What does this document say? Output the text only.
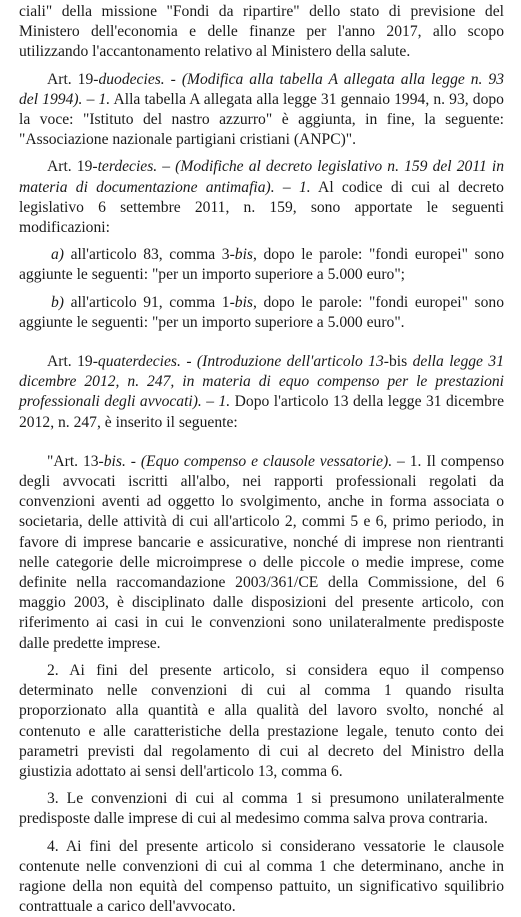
ciali" della missione "Fondi da ripartire" dello stato di previsione del Ministero dell'economia e delle finanze per l'anno 2017, allo scopo utilizzando l'accantonamento relativo al Ministero della salute.

Art. 19-duodecies. - (Modifica alla tabella A allegata alla legge n. 93 del 1994). – 1. Alla tabella A allegata alla legge 31 gennaio 1994, n. 93, dopo la voce: "Istituto del nastro azzurro" è aggiunta, in fine, la seguente: "Associazione nazionale partigiani cristiani (ANPC)".

Art. 19-terdecies. – (Modifiche al decreto legislativo n. 159 del 2011 in materia di documentazione antimafia). – 1. Al codice di cui al decreto legislativo 6 settembre 2011, n. 159, sono apportate le seguenti modificazioni:

a) all'articolo 83, comma 3-bis, dopo le parole: "fondi europei" sono aggiunte le seguenti: "per un importo superiore a 5.000 euro";

b) all'articolo 91, comma 1-bis, dopo le parole: "fondi europei" sono aggiunte le seguenti: "per un importo superiore a 5.000 euro".

Art. 19-quaterdecies. - (Introduzione dell'articolo 13-bis della legge 31 dicembre 2012, n. 247, in materia di equo compenso per le prestazioni professionali degli avvocati). – 1. Dopo l'articolo 13 della legge 31 dicembre 2012, n. 247, è inserito il seguente:

"Art. 13-bis. - (Equo compenso e clausole vessatorie). – 1. Il compenso degli avvocati iscritti all'albo, nei rapporti professionali regolati da convenzioni aventi ad oggetto lo svolgimento, anche in forma associata o societaria, delle attività di cui all'articolo 2, commi 5 e 6, primo periodo, in favore di imprese bancarie e assicurative, nonché di imprese non rientranti nelle categorie delle microimprese o delle piccole o medie imprese, come definite nella raccomandazione 2003/361/CE della Commissione, del 6 maggio 2003, è disciplinato dalle disposizioni del presente articolo, con riferimento ai casi in cui le convenzioni sono unilateralmente predisposte dalle predette imprese.

2. Ai fini del presente articolo, si considera equo il compenso determinato nelle convenzioni di cui al comma 1 quando risulta proporzionato alla quantità e alla qualità del lavoro svolto, nonché al contenuto e alle caratteristiche della prestazione legale, tenuto conto dei parametri previsti dal regolamento di cui al decreto del Ministro della giustizia adottato ai sensi dell'articolo 13, comma 6.

3. Le convenzioni di cui al comma 1 si presumono unilateralmente predisposte dalle imprese di cui al medesimo comma salva prova contraria.

4. Ai fini del presente articolo si considerano vessatorie le clausole contenute nelle convenzioni di cui al comma 1 che determinano, anche in ragione della non equità del compenso pattuito, un significativo squilibrio contrattuale a carico dell'avvocato.
